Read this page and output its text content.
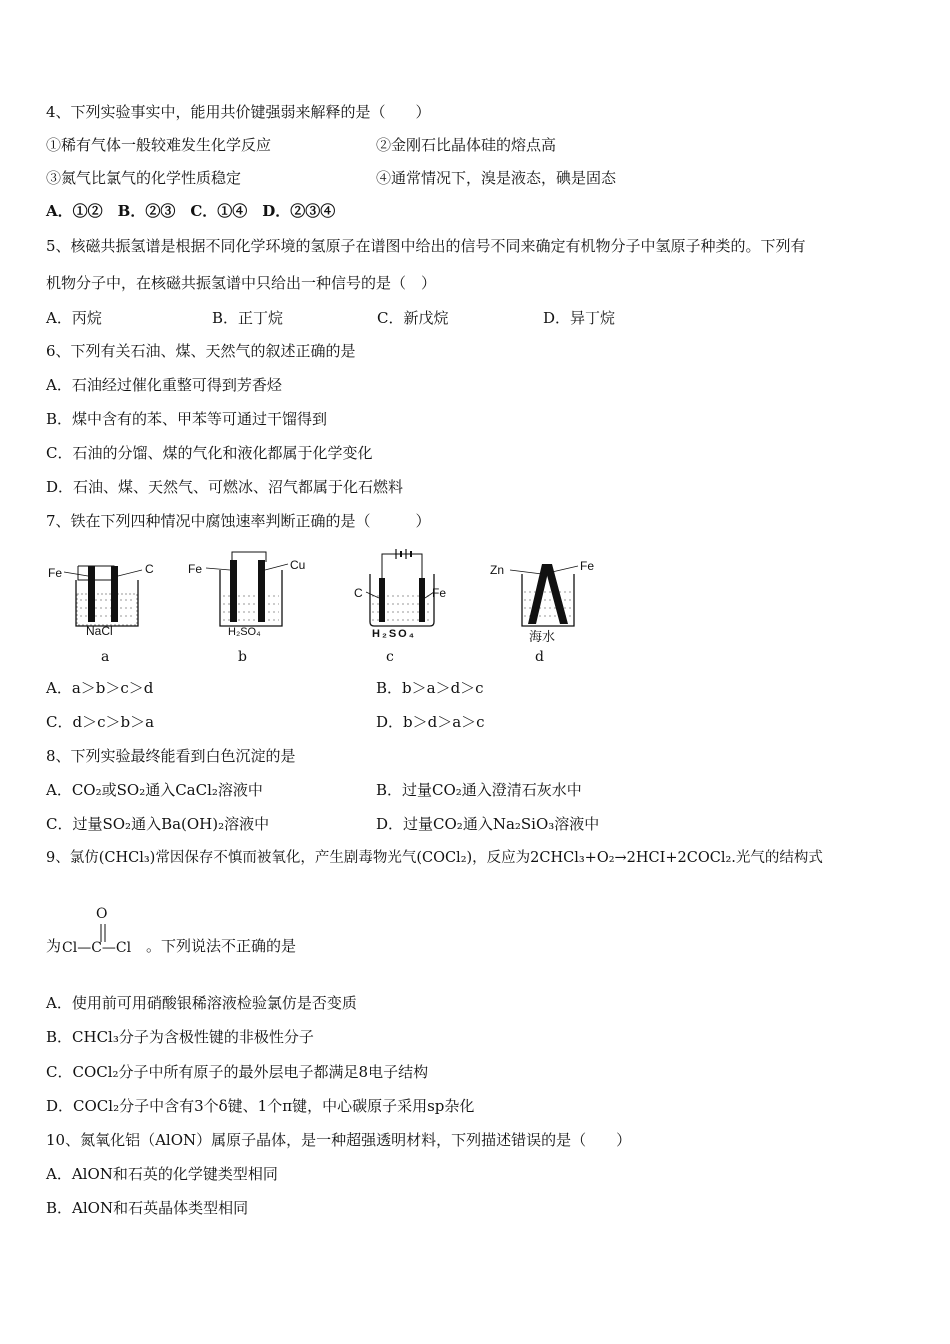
4、下列实验事实中，能用共价键强弱来解释的是（　　）
①稀有气体一般较难发生化学反应	②金刚石比晶体硅的熔点高
③氮气比氯气的化学性质稳定	④通常情况下，溴是液态，碘是固态
A．①②　B．②③　C．①④　D．②③④
5、核磁共振氢谱是根据不同化学环境的氢原子在谱图中给出的信号不同来确定有机物分子中氢原子种类的。下列有
机物分子中，在核磁共振氢谱中只给出一种信号的是（　）
A．丙烷	B．正丁烷	C．新戊烷	D．异丁烷
6、下列有关石油、煤、天然气的叙述正确的是
A．石油经过催化重整可得到芳香烃
B．煤中含有的苯、甲苯等可通过干馏得到
C．石油的分馏、煤的气化和液化都属于化学变化
D．石油、煤、天然气、可燃冰、沼气都属于化石燃料
7、铁在下列四种情况中腐蚀速率判断正确的是（　　　）
Fe	C
NaCl
a
Fe	Cu
H₂SO₄
b
C	Fe
H₂SO₄
c
Zn	Fe
海水
d
A．a＞b＞c＞d	B．b＞a＞d＞c
C．d＞c＞b＞a	D．b＞d＞a＞c
8、下列实验最终能看到白色沉淀的是
A．CO₂或SO₂通入CaCl₂溶液中	B．过量CO₂通入澄清石灰水中
C．过量SO₂通入Ba(OH)₂溶液中	D．过量CO₂通入Na₂SiO₃溶液中
9、氯仿(CHCl₃)常因保存不慎而被氧化，产生剧毒物光气(COCl₂)，反应为2CHCl₃+O₂→2HCI+2COCl₂.光气的结构式
为
O
Cl—C—Cl 。下列说法不正确的是
A．使用前可用硝酸银稀溶液检验氯仿是否变质
B．CHCl₃分子为含极性键的非极性分子
C．COCl₂分子中所有原子的最外层电子都满足8电子结构
D．COCl₂分子中含有3个δ键、1个π键，中心碳原子采用sp杂化
10、氮氧化铝（AlON）属原子晶体，是一种超强透明材料，下列描述错误的是（　　）
A．AlON和石英的化学键类型相同
B．AlON和石英晶体类型相同
